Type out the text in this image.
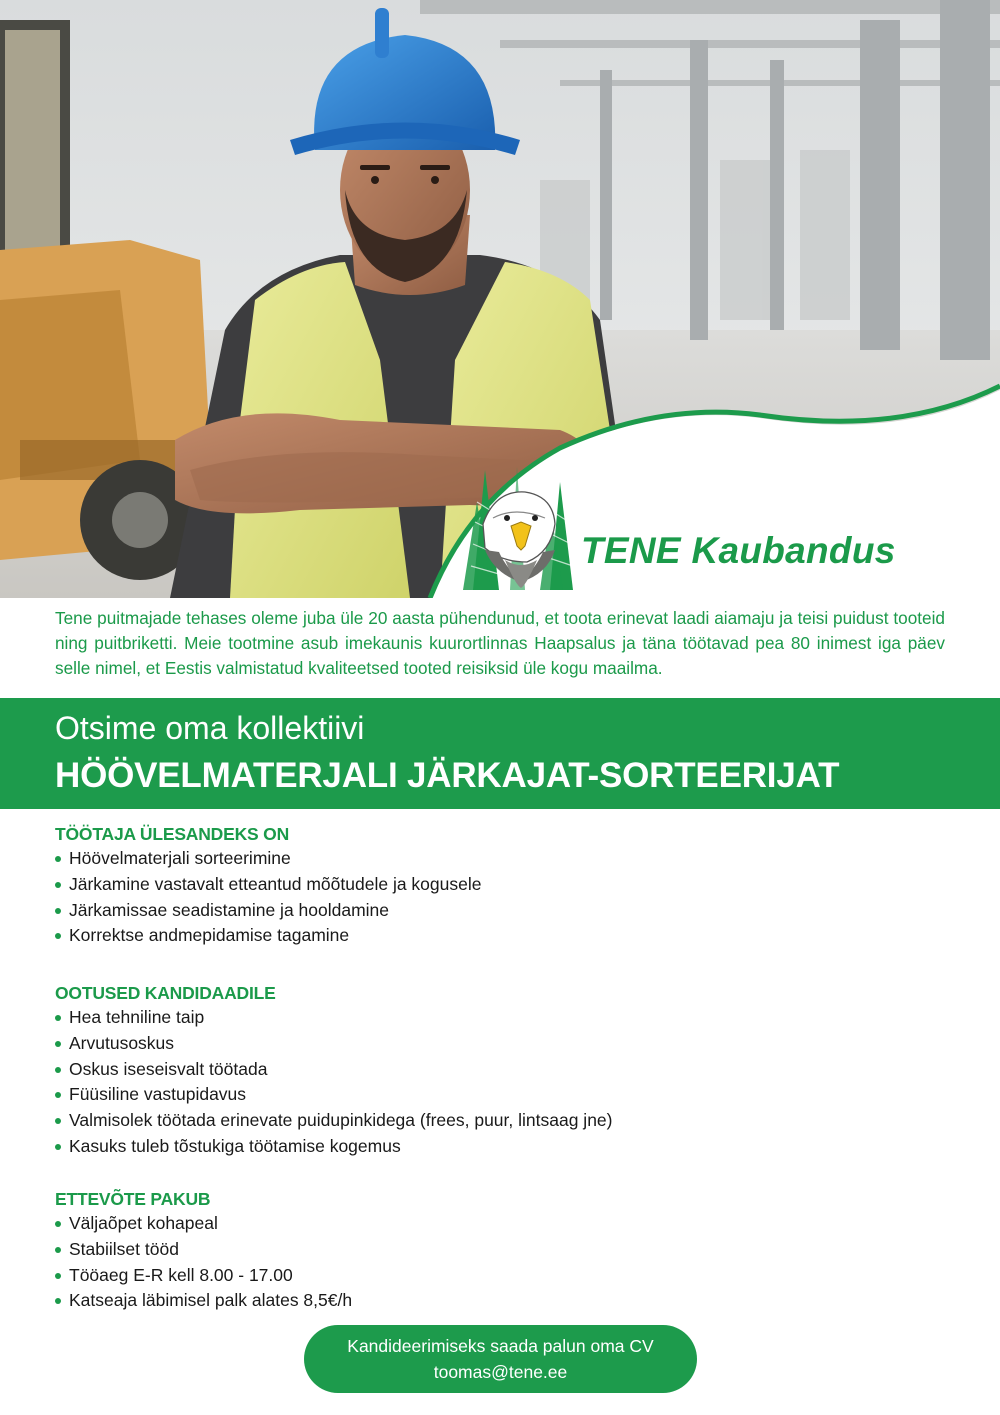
TENE Kaubandus

Tene puitmajade tehases oleme juba üle 20 aasta pühendunud, et toota erinevat laadi aiamaju ja teisi puidust tooteid ning puitbriketti. Meie tootmine asub imekaunis kuurortlinnas Haapsalus ja täna töötavad pea 80 inimest iga päev selle nimel, et Eestis valmistatud kvaliteetsed tooted reisiksid üle kogu maailma.

Otsime oma kollektiivi
HÖÖVELMATERJALI JÄRKAJAT-SORTEERIJAT
TÖÖTAJA ÜLESANDEKS ON
Höövelmaterjali sorteerimine
Järkamine vastavalt etteantud mõõtudele ja kogusele
Järkamissae seadistamine ja hooldamine
Korrektse andmepidamise tagamine
OOTUSED KANDIDAADILE
Hea tehniline taip
Arvutusoskus
Oskus iseseisvalt töötada
Füüsiline vastupidavus
Valmisolek töötada erinevate puidupinkidega (frees, puur, lintsaag jne)
Kasuks tuleb tõstukiga töötamise kogemus
ETTEVÕTE PAKUB
Väljaõpet kohapeal
Stabiilset tööd
Tööaeg E-R kell 8.00 - 17.00
Katseaja läbimisel palk alates 8,5€/h
Kandideerimiseks saada palun oma CV
toomas@tene.ee
